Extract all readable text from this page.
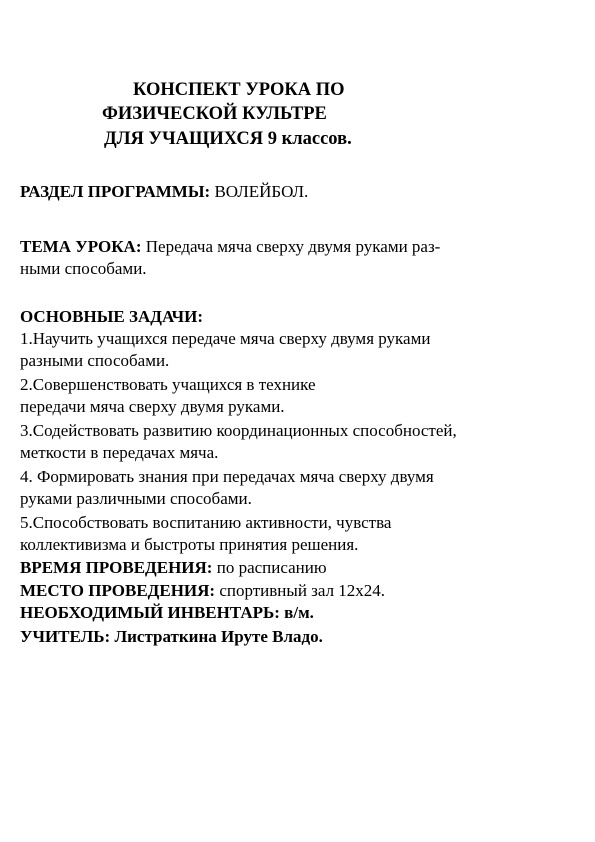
КОНСПЕКТ УРОКА ПО
ФИЗИЧЕСКОЙ КУЛЬТРЕ
ДЛЯ УЧАЩИХСЯ 9 классов.
РАЗДЕЛ ПРОГРАММЫ: ВОЛЕЙБОЛ.
ТЕМА УРОКА: Передача мяча сверху двумя руками раз-
ными способами.
ОСНОВНЫЕ ЗАДАЧИ:
1.Научить учащихся передаче мяча сверху двумя руками
разными способами.
2.Совершенствовать учащихся в технике
передачи мяча сверху двумя руками.
3.Содействовать развитию координационных способностей,
меткости в передачах мяча.
4. Формировать знания при передачах мяча сверху двумя
руками различными способами.
5.Способствовать воспитанию активности, чувства
коллективизма и быстроты принятия решения.
ВРЕМЯ ПРОВЕДЕНИЯ: по расписанию
МЕСТО ПРОВЕДЕНИЯ: спортивный зал 12х24.
НЕОБХОДИМЫЙ ИНВЕНТАРЬ: в/м.
УЧИТЕЛЬ: Листраткина Ируте Владо.
